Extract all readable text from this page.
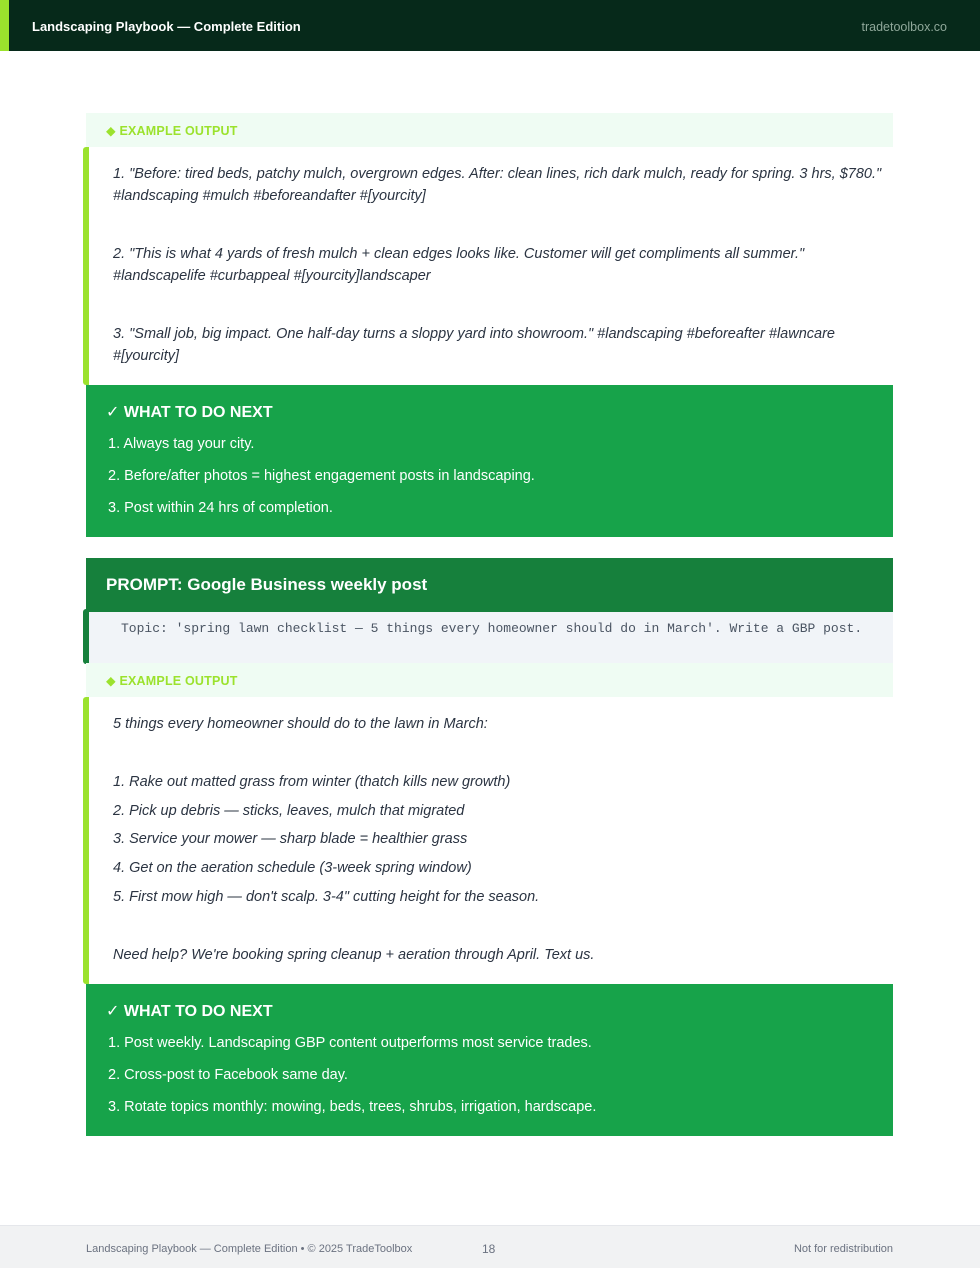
Landscaping Playbook — Complete Edition	tradetoolbox.co
◆ EXAMPLE OUTPUT
1. "Before: tired beds, patchy mulch, overgrown edges. After: clean lines, rich dark mulch, ready for spring. 3 hrs, $780."
#landscaping #mulch #beforeandafter #[yourcity]
2. "This is what 4 yards of fresh mulch + clean edges looks like. Customer will get compliments all summer."
#landscapelife #curbappeal #[yourcity]landscaper
3. "Small job, big impact. One half-day turns a sloppy yard into showroom." #landscaping #beforeafter #lawncare
#[yourcity]
✓ WHAT TO DO NEXT
1. Always tag your city.
2. Before/after photos = highest engagement posts in landscaping.
3. Post within 24 hrs of completion.
PROMPT: Google Business weekly post
Topic: 'spring lawn checklist — 5 things every homeowner should do in March'. Write a GBP post.
◆ EXAMPLE OUTPUT
5 things every homeowner should do to the lawn in March:
1. Rake out matted grass from winter (thatch kills new growth)
2. Pick up debris — sticks, leaves, mulch that migrated
3. Service your mower — sharp blade = healthier grass
4. Get on the aeration schedule (3-week spring window)
5. First mow high — don't scalp. 3-4" cutting height for the season.
Need help? We're booking spring cleanup + aeration through April. Text us.
✓ WHAT TO DO NEXT
1. Post weekly. Landscaping GBP content outperforms most service trades.
2. Cross-post to Facebook same day.
3. Rotate topics monthly: mowing, beds, trees, shrubs, irrigation, hardscape.
Landscaping Playbook — Complete Edition • © 2025 TradeToolbox	18	Not for redistribution
